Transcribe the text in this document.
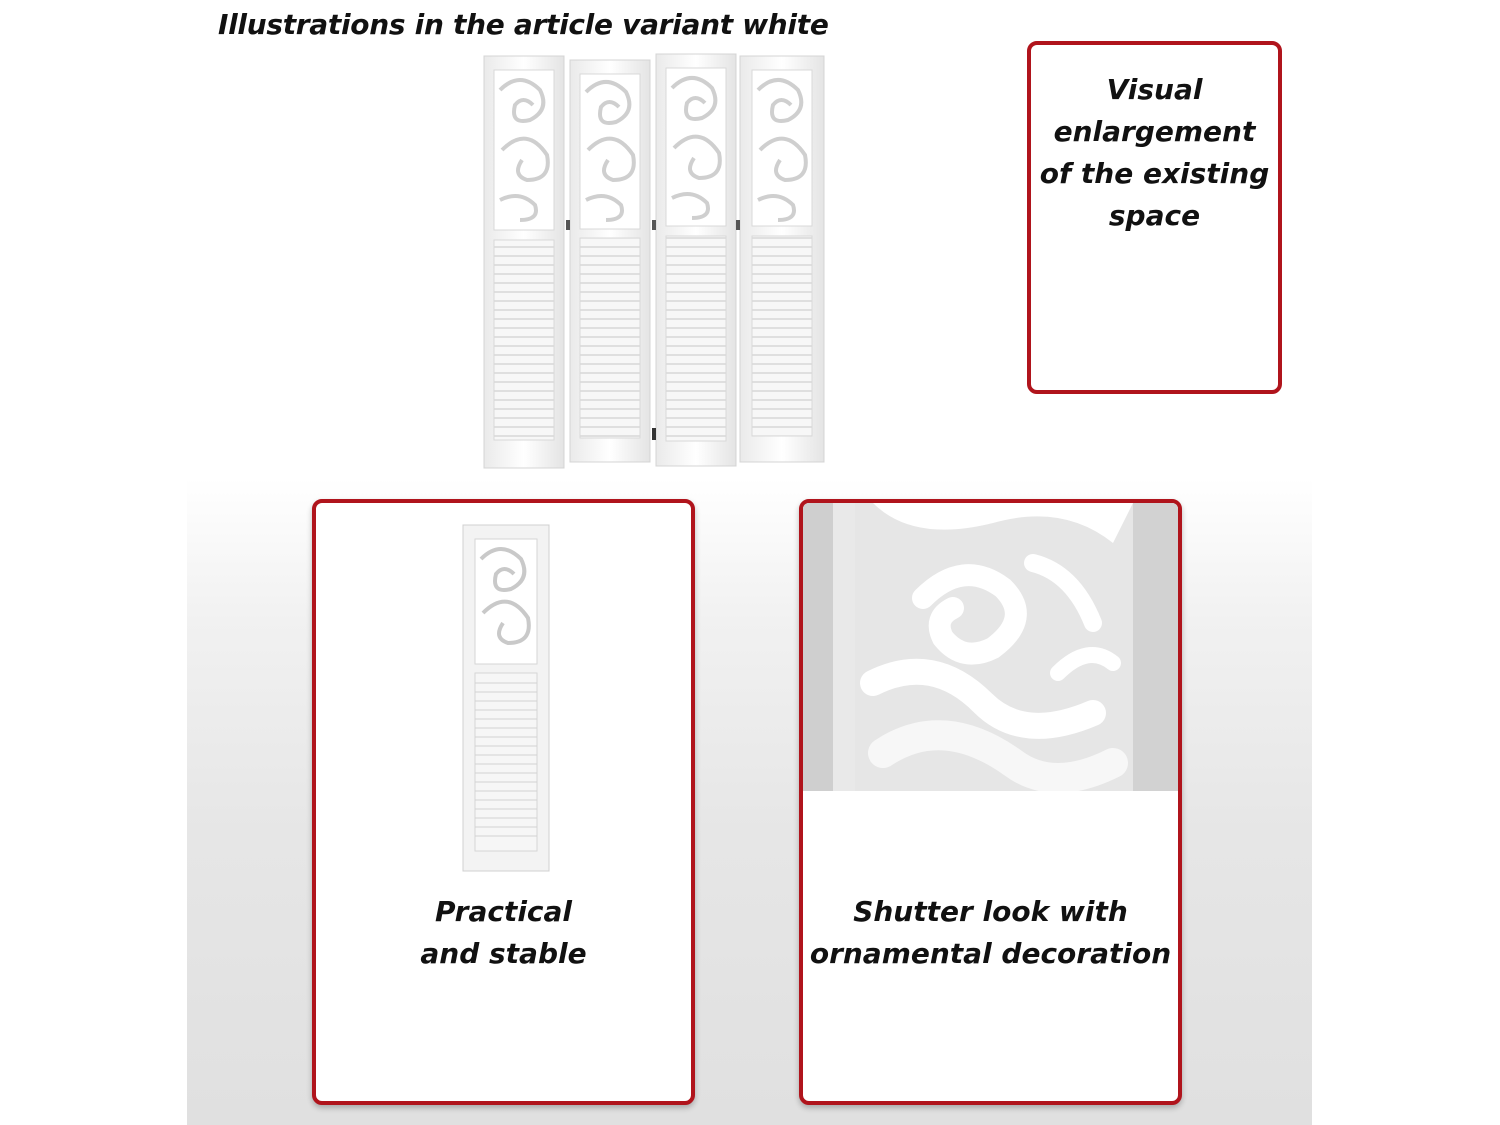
Illustrations in the article variant white
Visual
enlargement
of the existing
space
Practical
and stable
Shutter look with
ornamental decoration
